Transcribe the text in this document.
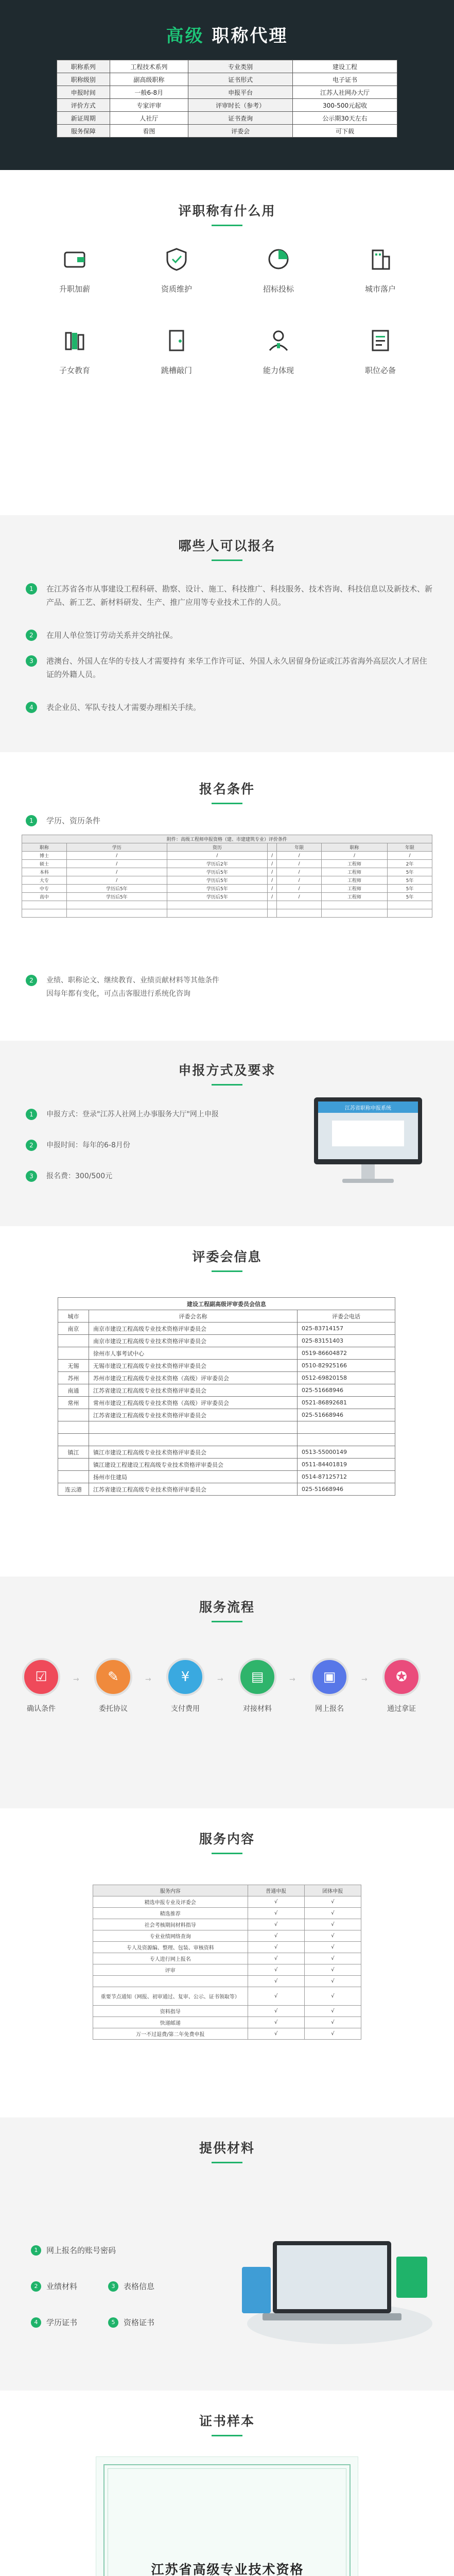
高级 职称代理
职称系列	工程技术系列	专业类别	建设工程
职称级别	副高级职称	证书形式	电子证书
申报时间	一般6-8月	申报平台	江苏人社网办大厅
评价方式	专家评审	评审时长（参考）	300-500元起收
新证周期	人社厅	证书查询	公示期30天左右
服务保障	看图	评委会	可下载
评职称有什么用
升职加薪	资质维护	招标投标	城市落户
子女教育	跳槽敲门	能力体现	职位必备
哪些人可以报名
1	在江苏省各市从事建设工程科研、勘察、设计、施工、科技推广、科技服务、技术咨询、科技信息以及新技术、新产品、新工艺、新材料研发、生产、推广应用等专业技术工作的人员。
2	在用人单位签订劳动关系并交纳社保。
3	港澳台、外国人在华的专技人才需要持有 来华工作许可证、外国人永久居留身份证或江苏省海外高层次人才居住证的外籍人员。
4	表企业员、军队专技人才需要办理相关手续。
报名条件
1	学历、资历条件
附件：高级工程师申报资格（建、市建建筑专业）评价条件						
职称	学历	资历		年限	职称	年限
博士	/	/	/	/	/	/
硕士	/	学历后2年	/	/	工程师	2年
本科	/	学历后5年	/	/	工程师	5年
大专	/	学历后5年	/	/	工程师	5年
中专	学历后5年	学历后5年	/	/	工程师	5年
高中	学历后5年	学历后5年	/	/	工程师	5年

2	业绩、职称论文、继续教育、业绩贡献材料等其他条件
因每年都有变化，可点击客服进行系统化咨询
申报方式及要求
1	申报方式：登录"江苏人社网上办事服务大厅"网上申报
2	申报时间：每年的6-8月份
3	报名费：300/500元
江苏省职称申报系统
评委会信息
建设工程副高级评审委员会信息		
城市	评委会名称	评委会电话
南京	南京市建设工程高级专业技术资格评审委员会	025-83714157
	南京市建设工程高级专业技术资格评审委员会	025-83151403
	徐州市人事考试中心	0519-86604872
无锡	无锡市建设工程高级专业技术资格评审委员会	0510-82925166
苏州	苏州市建设工程高级专业技术资格（高级）评审委员会	0512-69820158
南通	江苏省建设工程高级专业技术资格评审委员会	025-51668946
常州	常州市建设工程高级专业技术资格（高级）评审委员会	0521-86892681
	江苏省建设工程高级专业技术资格评审委员会	025-51668946

镇江	镇江市建设工程高级专业技术资格评审委员会	0513-55000149
	镇江建设工程建设工程高级专业技术资格评审委员会	0511-84401819
	扬州市住建局	0514-87125712
连云港	江苏省建设工程高级专业技术资格评审委员会	025-51668946
服务流程
☑
确认条件
→	✎
委托协议
→	¥
支付费用
→	▤
对接材料
→	▣
网上报名
→	✪
通过拿证
服务内容
服务内容	普通申报	团体申报
精选申报专业及评委会	√	√
精选推荐	√	√
社会考核期间材料指导	√	√
专业业绩网络查询	√	√
专人及资源编、整理、包装、审核资料	√	√
专人进行网上报名	√	√
评审	√	√
	√	√
重要节点通知（网报、初审通过、复审、公示、证书领取等）	√	√
资料指导	√	√
快递邮递	√	√
万一不过退费/第二年免费申报	√	√
提供材料
1	网上报名的账号密码
2	业绩材料	3	表格信息
4	学历证书	5	资格证书
证书样本
江苏省高级专业技术资格
